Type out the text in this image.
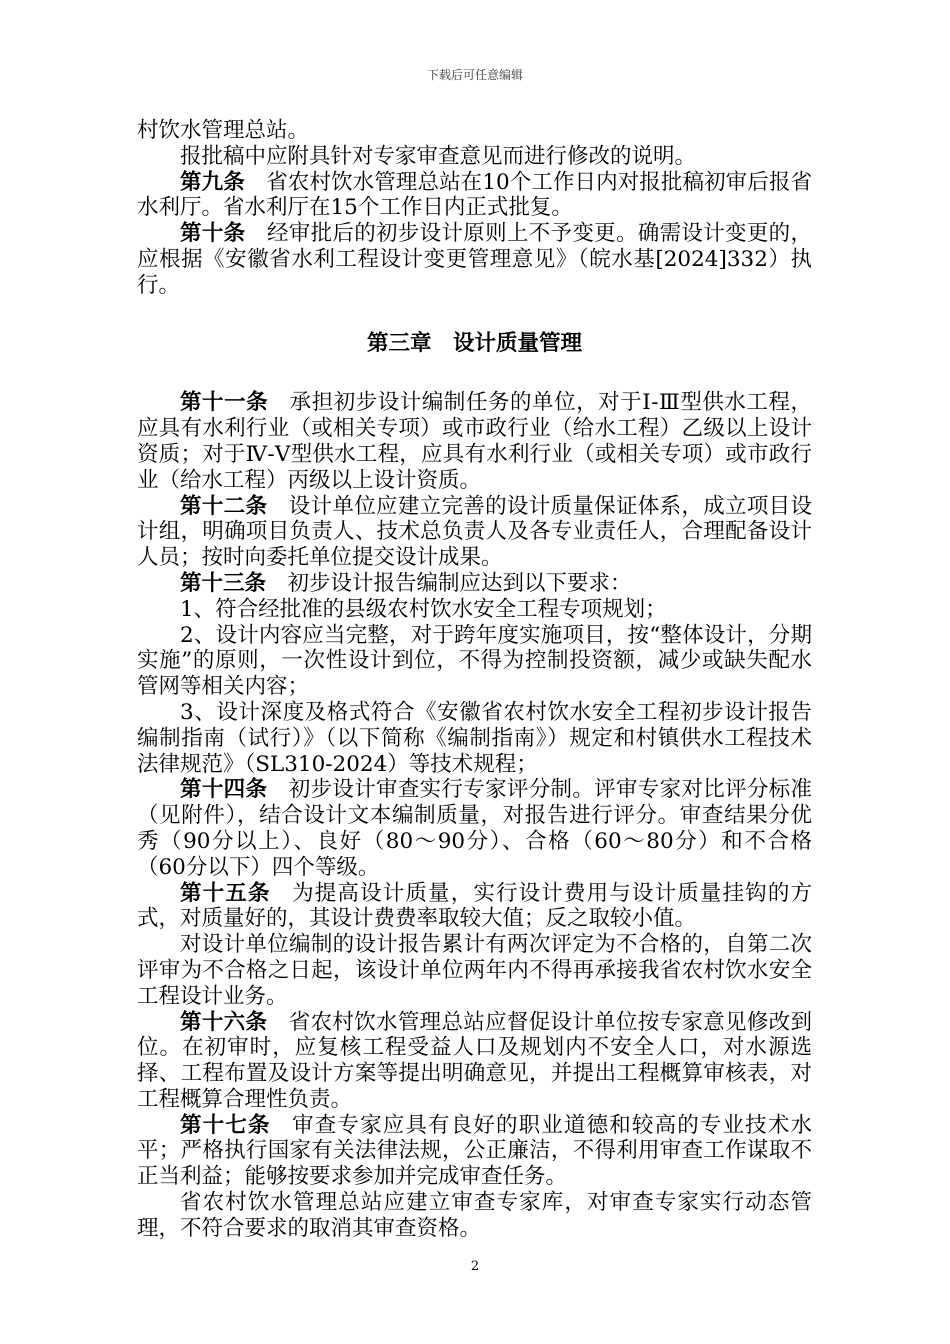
下载后可任意编辑

村饮水管理总站。

报批稿中应附具针对专家审查意见而进行修改的说明。

第九条 省农村饮水管理总站在10个工作日内对报批稿初审后报省水利厅。省水利厅在15个工作日内正式批复。

第十条 经审批后的初步设计原则上不予变更。确需设计变更的，应根据《安徽省水利工程设计变更管理意见》（皖水基[2024]332）执行。

第三章　设计质量管理

第十一条 承担初步设计编制任务的单位，对于Ⅰ-Ⅲ型供水工程，应具有水利行业（或相关专项）或市政行业（给水工程）乙级以上设计资质；对于Ⅳ-Ⅴ型供水工程，应具有水利行业（或相关专项）或市政行业（给水工程）丙级以上设计资质。

第十二条 设计单位应建立完善的设计质量保证体系，成立项目设计组，明确项目负责人、技术总负责人及各专业责任人，合理配备设计人员；按时向委托单位提交设计成果。

第十三条 初步设计报告编制应达到以下要求：

1、符合经批准的县级农村饮水安全工程专项规划；

2、设计内容应当完整，对于跨年度实施项目，按“整体设计，分期实施”的原则，一次性设计到位，不得为控制投资额，减少或缺失配水管网等相关内容；

3、设计深度及格式符合《安徽省农村饮水安全工程初步设计报告编制指南（试行）》（以下简称《编制指南》）规定和村镇供水工程技术法律规范》（SL310-2024）等技术规程；

第十四条 初步设计审查实行专家评分制。评审专家对比评分标准（见附件），结合设计文本编制质量，对报告进行评分。审查结果分优秀（90分以上）、良好（80～90分）、合格（60～80分）和不合格（60分以下）四个等级。

第十五条 为提高设计质量，实行设计费用与设计质量挂钩的方式，对质量好的，其设计费费率取较大值；反之取较小值。

对设计单位编制的设计报告累计有两次评定为不合格的，自第二次评审为不合格之日起，该设计单位两年内不得再承接我省农村饮水安全工程设计业务。

第十六条 省农村饮水管理总站应督促设计单位按专家意见修改到位。在初审时，应复核工程受益人口及规划内不安全人口，对水源选择、工程布置及设计方案等提出明确意见，并提出工程概算审核表，对工程概算合理性负责。

第十七条 审查专家应具有良好的职业道德和较高的专业技术水平；严格执行国家有关法律法规，公正廉洁，不得利用审查工作谋取不正当利益；能够按要求参加并完成审查任务。

省农村饮水管理总站应建立审查专家库，对审查专家实行动态管理，不符合要求的取消其审查资格。

2
